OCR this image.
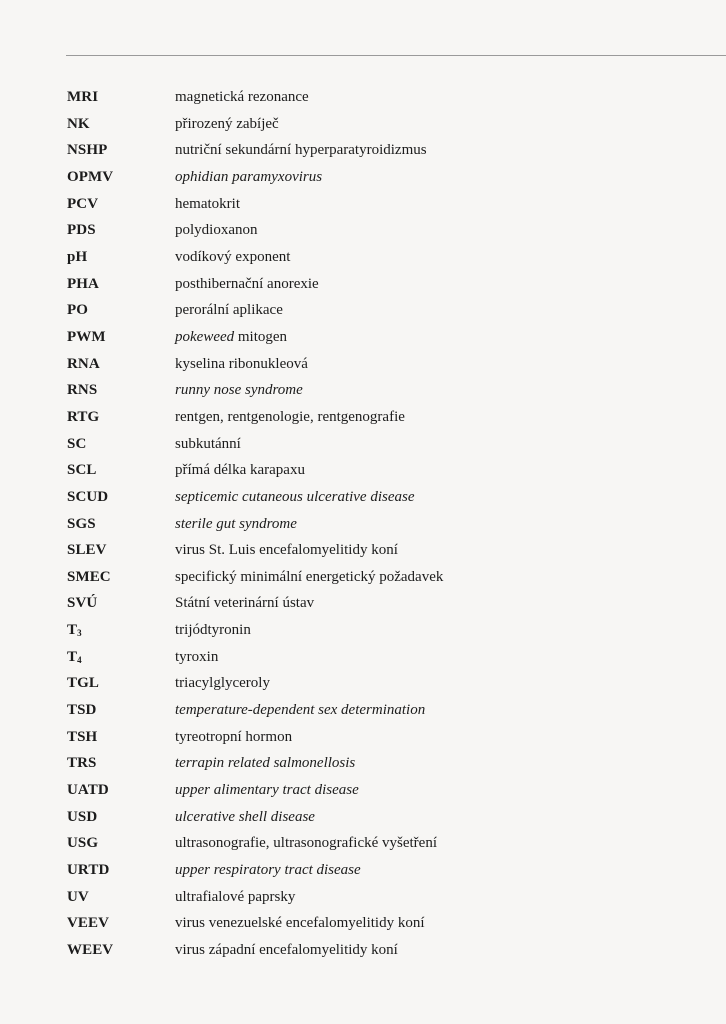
MRI	magnetická rezonance
NK	přirozený zabíječ
NSHP	nutriční sekundární hyperparatyroidizmus
OPMV	ophidian paramyxovirus
PCV	hematokrit
PDS	polydioxanon
pH	vodíkový exponent
PHA	posthibernační anorexie
PO	perorální aplikace
PWM	pokeweed mitogen
RNA	kyselina ribonukleová
RNS	runny nose syndrome
RTG	rentgen, rentgenologie, rentgenografie
SC	subkutánní
SCL	přímá délka karapaxu
SCUD	septicemic cutaneous ulcerative disease
SGS	sterile gut syndrome
SLEV	virus St. Luis encefalomyelitidy koní
SMEC	specifický minimální energetický požadavek
SVÚ	Státní veterinární ústav
$T_3$	trijódtyronin
$T_4$	tyroxin
TGL	triacylglyceroly
TSD	temperature-dependent sex determination
TSH	tyreotropní hormon
TRS	terrapin related salmonellosis
UATD	upper alimentary tract disease
USD	ulcerative shell disease
USG	ultrasonografie, ultrasonografické vyšetření
URTD	upper respiratory tract disease
UV	ultrafialové paprsky
VEEV	virus venezuelské encefalomyelitidy koní
WEEV	virus západní encefalomyelitidy koní
